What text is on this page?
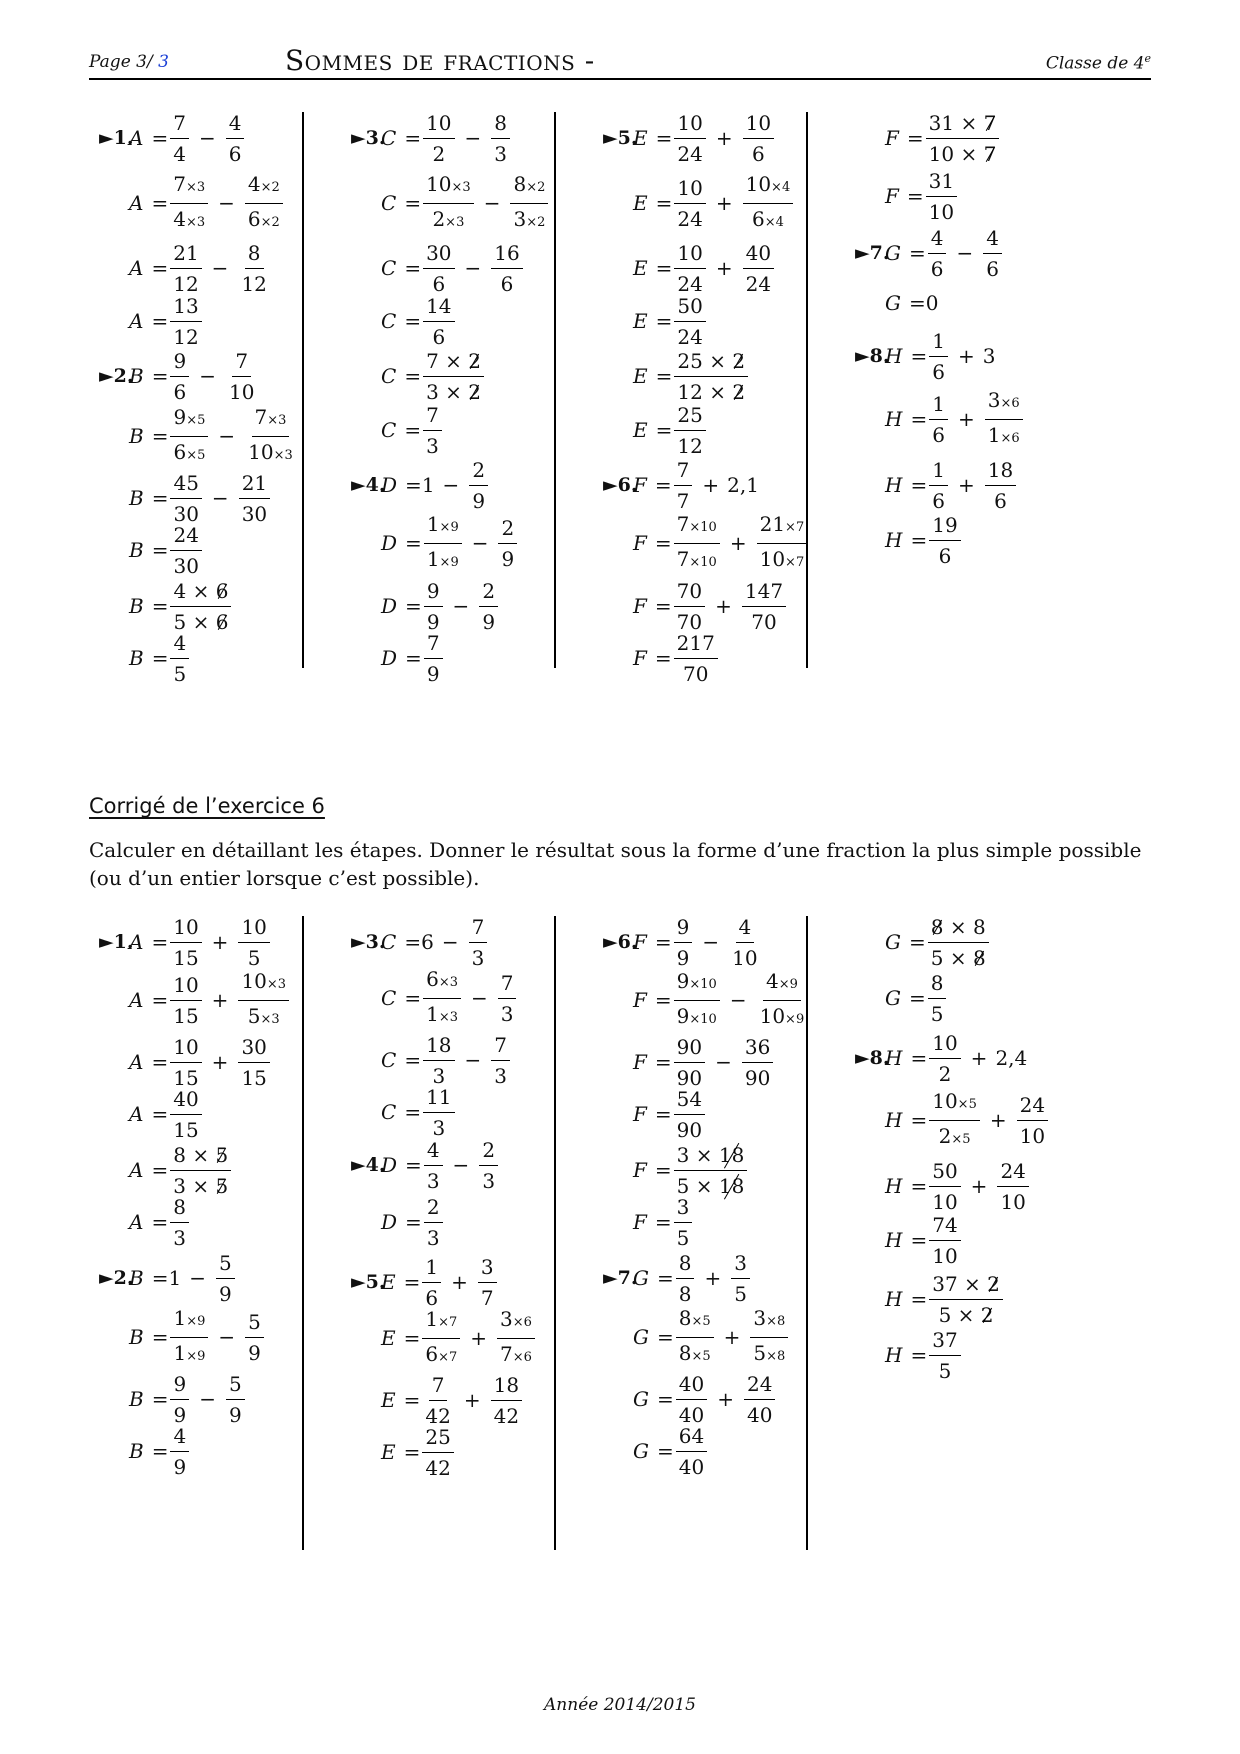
Page 3/ 3	Sommes de fractions -	Classe de 4e
►1.
$A = \frac{7}{4} - \frac{4}{6}$
$A = \frac{7\times 3}{4\times 3} - \frac{4\times 2}{6\times 2}$
$A = \frac{21}{12} - \frac{8}{12}$
$A = \frac{13}{12}$
►2.
$B = \frac{9}{6} - \frac{7}{10}$
$B = \frac{9\times 5}{6\times 5} - \frac{7\times 3}{10\times 3}$
$B = \frac{45}{30} - \frac{21}{30}$
$B = \frac{24}{30}$
$B = \frac{4 \times 6}{5 \times 6}$
$B = \frac{4}{5}$
►3.
$C = \frac{10}{2} - \frac{8}{3}$
$C = \frac{10\times 3}{2\times 3} - \frac{8\times 2}{3\times 2}$
$C = \frac{30}{6} - \frac{16}{6}$
$C = \frac{14}{6}$
$C = \frac{7 \times 2}{3 \times 2}$
$C = \frac{7}{3}$
►4.
$D = 1 - \frac{2}{9}$
$D = \frac{1\times 9}{1\times 9} - \frac{2}{9}$
$D = \frac{9}{9} - \frac{2}{9}$
$D = \frac{7}{9}$
►5.
$E = \frac{10}{24} + \frac{10}{6}$
$E = \frac{10}{24} + \frac{10\times 4}{6\times 4}$
$E = \frac{10}{24} + \frac{40}{24}$
$E = \frac{50}{24}$
$E = \frac{25 \times 2}{12 \times 2}$
$E = \frac{25}{12}$
►6.
$F = \frac{7}{7} + 2,1$
$F = \frac{7\times 10}{7\times 10} + \frac{21\times 7}{10\times 7}$
$F = \frac{70}{70} + \frac{147}{70}$
$F = \frac{217}{70}$
$F = \frac{31 \times 7}{10 \times 7}$
$F = \frac{31}{10}$
►7.
$G = \frac{4}{6} - \frac{4}{6}$
G = 0
►8.
$H = \frac{1}{6} + 3$
$H = \frac{1}{6} + \frac{3\times 6}{1\times 6}$
$H = \frac{1}{6} + \frac{18}{6}$
$H = \frac{19}{6}$
Corrigé de l’exercice 6
Calculer en détaillant les étapes. Donner le résultat sous la forme d’une fraction la plus simple possible (ou d’un entier lorsque c’est possible).
►1.
$A = \frac{10}{15} + \frac{10}{5}$
$A = \frac{10}{15} + \frac{10\times 3}{5\times 3}$
$A = \frac{10}{15} + \frac{30}{15}$
$A = \frac{40}{15}$
$A = \frac{8 \times 5}{3 \times 5}$
$A = \frac{8}{3}$
►2.
$B = 1 - \frac{5}{9}$
$B = \frac{1\times 9}{1\times 9} - \frac{5}{9}$
$B = \frac{9}{9} - \frac{5}{9}$
$B = \frac{4}{9}$
►3.
$C = 6 - \frac{7}{3}$
$C = \frac{6\times 3}{1\times 3} - \frac{7}{3}$
$C = \frac{18}{3} - \frac{7}{3}$
$C = \frac{11}{3}$
►4.
$D = \frac{4}{3} - \frac{2}{3}$
$D = \frac{2}{3}$
►5.
$E = \frac{1}{6} + \frac{3}{7}$
$E = \frac{1\times 7}{6\times 7} + \frac{3\times 6}{7\times 6}$
$E = \frac{7}{42} + \frac{18}{42}$
$E = \frac{25}{42}$
►6.
$F = \frac{9}{9} - \frac{4}{10}$
$F = \frac{9\times 10}{9\times 10} - \frac{4\times 9}{10\times 9}$
$F = \frac{90}{90} - \frac{36}{90}$
$F = \frac{54}{90}$
$F = \frac{3 \times 18}{5 \times 18}$
$F = \frac{3}{5}$
►7.
$G = \frac{8}{8} + \frac{3}{5}$
$G = \frac{8\times 5}{8\times 5} + \frac{3\times 8}{5\times 8}$
$G = \frac{40}{40} + \frac{24}{40}$
$G = \frac{64}{40}$
$G = \frac{8 \times 8}{5 \times 8}$
$G = \frac{8}{5}$
►8.
$H = \frac{10}{2} + 2,4$
$H = \frac{10\times 5}{2\times 5} + \frac{24}{10}$
$H = \frac{50}{10} + \frac{24}{10}$
$H = \frac{74}{10}$
$H = \frac{37 \times 2}{5 \times 2}$
$H = \frac{37}{5}$
Année 2014/2015
